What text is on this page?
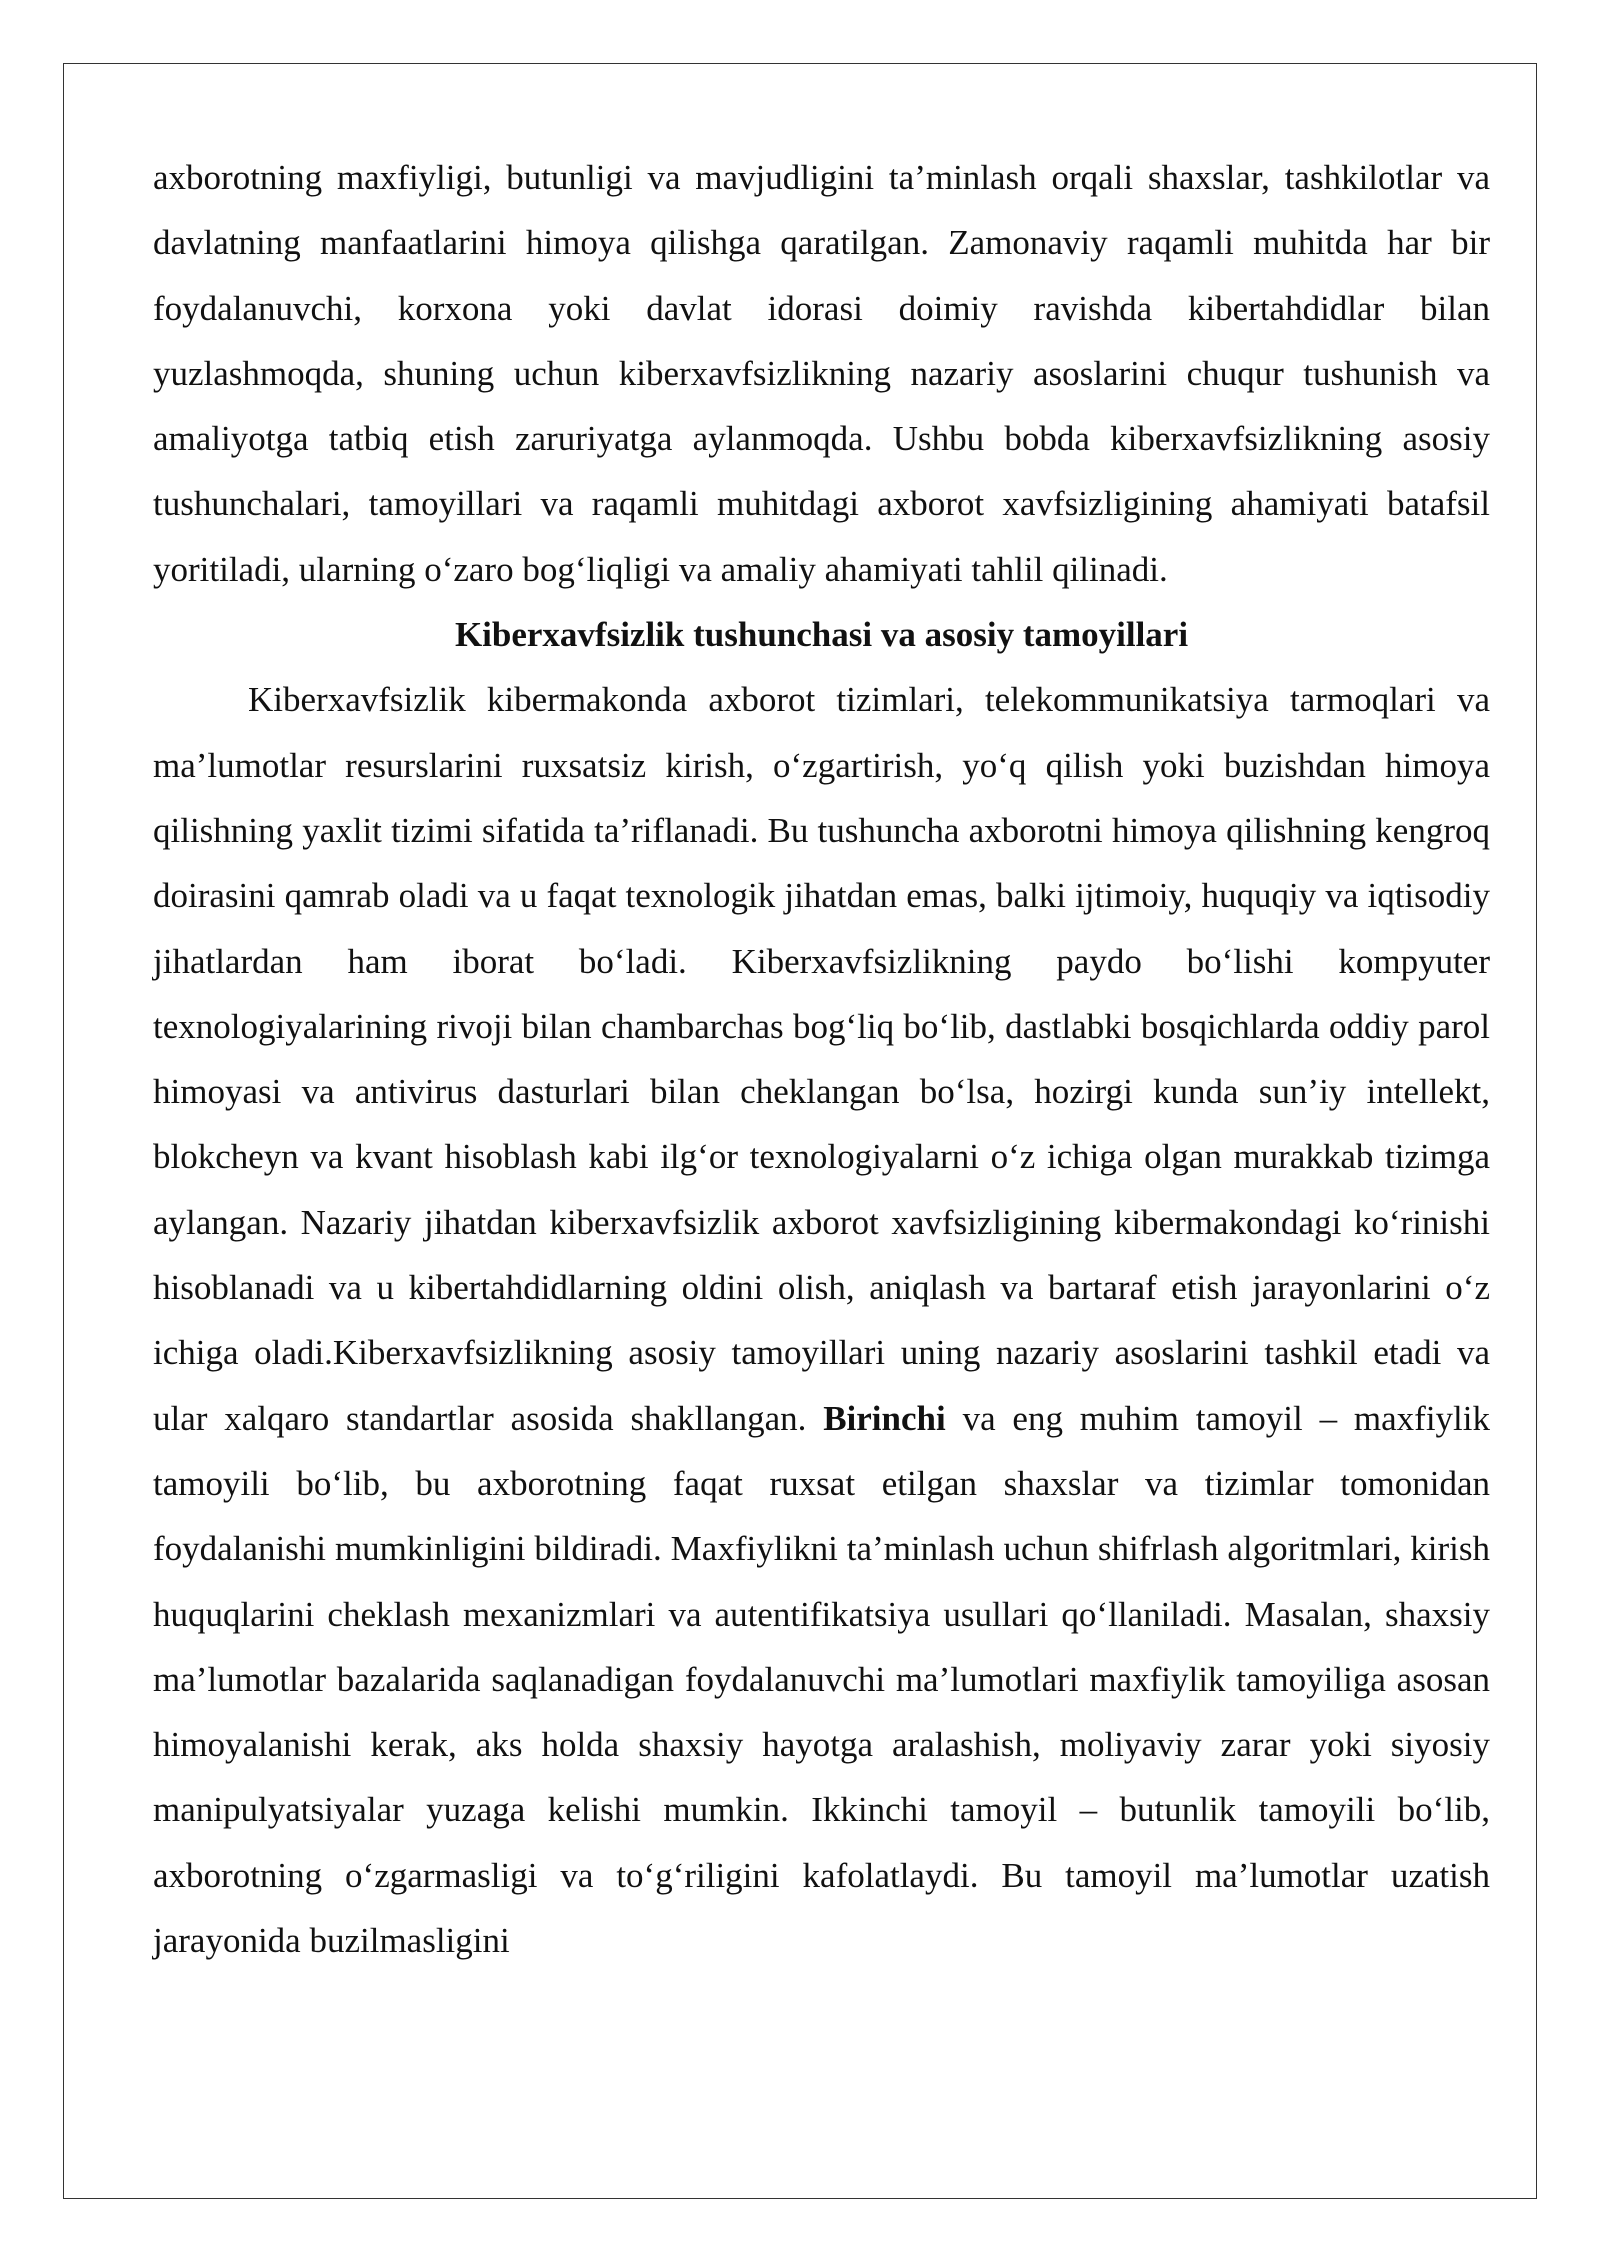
axborotning maxfiyligi, butunligi va mavjudligini ta’minlash orqali shaxslar, tashkilotlar va davlatning manfaatlarini himoya qilishga qaratilgan. Zamonaviy raqamli muhitda har bir foydalanuvchi, korxona yoki davlat idorasi doimiy ravishda kibertahdidlar bilan yuzlashmoqda, shuning uchun kiberxavfsizlikning nazariy asoslarini chuqur tushunish va amaliyotga tatbiq etish zaruriyatga aylanmoqda. Ushbu bobda kiberxavfsizlikning asosiy tushunchalari, tamoyillari va raqamli muhitdagi axborot xavfsizligining ahamiyati batafsil yoritiladi, ularning o‘zaro bog‘liqligi va amaliy ahamiyati tahlil qilinadi.

Kiberxavfsizlik tushunchasi va asosiy tamoyillari

Kiberxavfsizlik kibermakonda axborot tizimlari, telekommunikatsiya tarmoqlari va ma’lumotlar resurslarini ruxsatsiz kirish, o‘zgartirish, yo‘q qilish yoki buzishdan himoya qilishning yaxlit tizimi sifatida ta’riflanadi. Bu tushuncha axborotni himoya qilishning kengroq doirasini qamrab oladi va u faqat texnologik jihatdan emas, balki ijtimoiy, huquqiy va iqtisodiy jihatlardan ham iborat bo‘ladi. Kiberxavfsizlikning paydo bo‘lishi kompyuter texnologiyalarining rivoji bilan chambarchas bog‘liq bo‘lib, dastlabki bosqichlarda oddiy parol himoyasi va antivirus dasturlari bilan cheklangan bo‘lsa, hozirgi kunda sun’iy intellekt, blokcheyn va kvant hisoblash kabi ilg‘or texnologiyalarni o‘z ichiga olgan murakkab tizimga aylangan. Nazariy jihatdan kiberxavfsizlik axborot xavfsizligining kibermakondagi ko‘rinishi hisoblanadi va u kibertahdidlarning oldini olish, aniqlash va bartaraf etish jarayonlarini o‘z ichiga oladi.Kiberxavfsizlikning asosiy tamoyillari uning nazariy asoslarini tashkil etadi va ular xalqaro standartlar asosida shakllangan. Birinchi va eng muhim tamoyil – maxfiylik tamoyili bo‘lib, bu axborotning faqat ruxsat etilgan shaxslar va tizimlar tomonidan foydalanishi mumkinligini bildiradi. Maxfiylikni ta’minlash uchun shifrlash algoritmlari, kirish huquqlarini cheklash mexanizmlari va autentifikatsiya usullari qo‘llaniladi. Masalan, shaxsiy ma’lumotlar bazalarida saqlanadigan foydalanuvchi ma’lumotlari maxfiylik tamoyiliga asosan himoyalanishi kerak, aks holda shaxsiy hayotga aralashish, moliyaviy zarar yoki siyosiy manipulyatsiyalar yuzaga kelishi mumkin. Ikkinchi tamoyil – butunlik tamoyili bo‘lib, axborotning o‘zgarmasligi va to‘g‘riligini kafolatlaydi. Bu tamoyil ma’lumotlar uzatish jarayonida buzilmasligini
